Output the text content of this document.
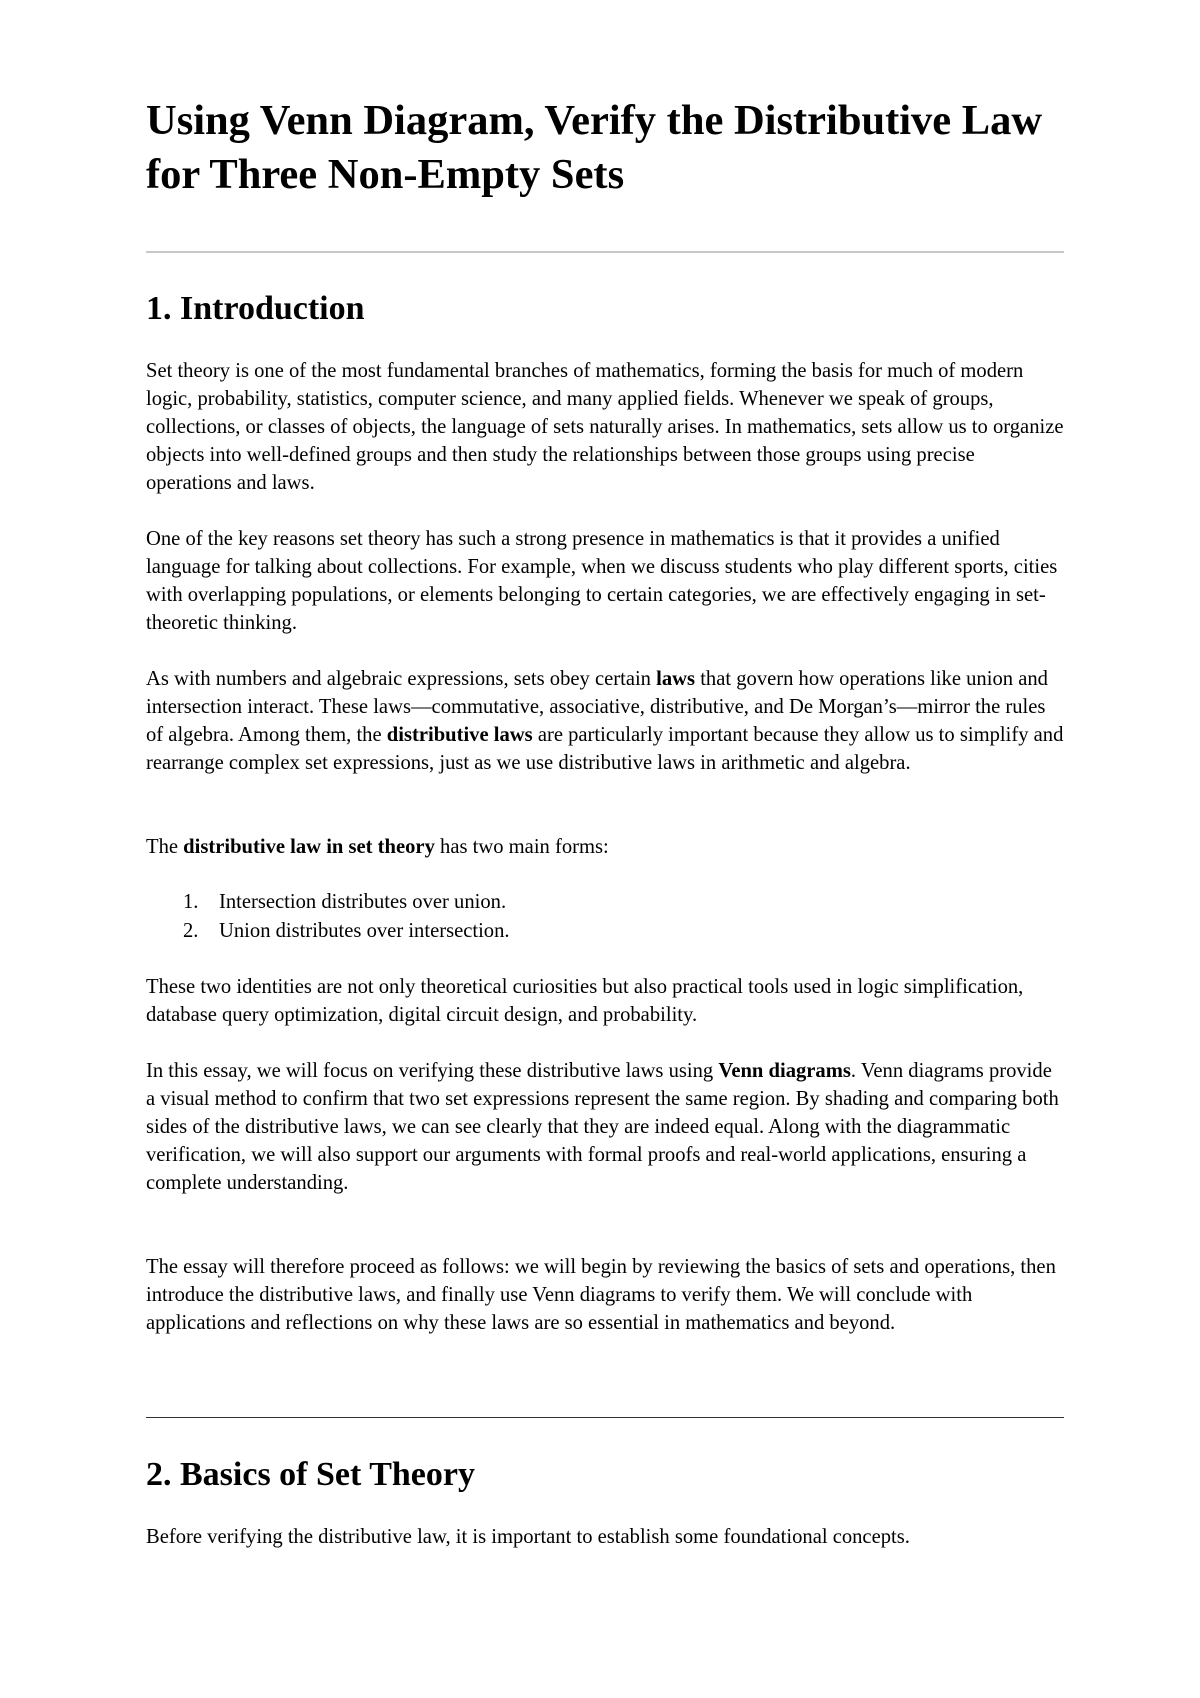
Using Venn Diagram, Verify the Distributive Law for Three Non-Empty Sets
1. Introduction

Set theory is one of the most fundamental branches of mathematics, forming the basis for much of modern logic, probability, statistics, computer science, and many applied fields. Whenever we speak of groups, collections, or classes of objects, the language of sets naturally arises. In mathematics, sets allow us to organize objects into well-defined groups and then study the relationships between those groups using precise operations and laws.

One of the key reasons set theory has such a strong presence in mathematics is that it provides a unified language for talking about collections. For example, when we discuss students who play different sports, cities with overlapping populations, or elements belonging to certain categories, we are effectively engaging in set-theoretic thinking.

As with numbers and algebraic expressions, sets obey certain laws that govern how operations like union and intersection interact. These laws—commutative, associative, distributive, and De Morgan’s—mirror the rules of algebra. Among them, the distributive laws are particularly important because they allow us to simplify and rearrange complex set expressions, just as we use distributive laws in arithmetic and algebra.

The distributive law in set theory has two main forms:

1. Intersection distributes over union.
2. Union distributes over intersection.

These two identities are not only theoretical curiosities but also practical tools used in logic simplification, database query optimization, digital circuit design, and probability.

In this essay, we will focus on verifying these distributive laws using Venn diagrams. Venn diagrams provide a visual method to confirm that two set expressions represent the same region. By shading and comparing both sides of the distributive laws, we can see clearly that they are indeed equal. Along with the diagrammatic verification, we will also support our arguments with formal proofs and real-world applications, ensuring a complete understanding.

The essay will therefore proceed as follows: we will begin by reviewing the basics of sets and operations, then introduce the distributive laws, and finally use Venn diagrams to verify them. We will conclude with applications and reflections on why these laws are so essential in mathematics and beyond.

2. Basics of Set Theory

Before verifying the distributive law, it is important to establish some foundational concepts.
